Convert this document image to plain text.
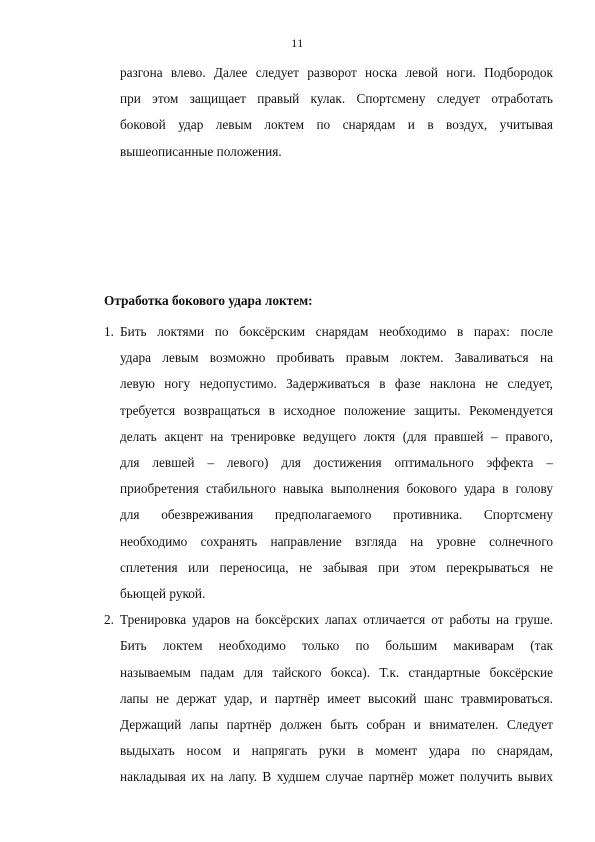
11
разгона влево. Далее следует разворот носка левой ноги. Подбородок
при этом защищает правый кулак. Спортсмену следует отработать
боковой удар левым локтем по снарядам и в воздух, учитывая
вышеописанные положения.
Отработка бокового удара локтем:
1. Бить локтями по боксёрским снарядам необходимо в парах: после
удара левым возможно пробивать правым локтем. Заваливаться на
левую ногу недопустимо. Задерживаться в фазе наклона не следует,
требуется возвращаться в исходное положение защиты. Рекомендуется
делать акцент на тренировке ведущего локтя (для правшей – правого,
для левшей – левого) для достижения оптимального эффекта –
приобретения стабильного навыка выполнения бокового удара в голову
для обезвреживания предполагаемого противника. Спортсмену
необходимо сохранять направление взгляда на уровне солнечного
сплетения или переносица, не забывая при этом перекрываться не
бьющей рукой.
2. Тренировка ударов на боксёрских лапах отличается от работы на груше.
Бить локтем необходимо только по большим макиварам (так
называемым падам для тайского бокса). Т.к. стандартные боксёрские
лапы не держат удар, и партнёр имеет высокий шанс травмироваться.
Держащий лапы партнёр должен быть собран и внимателен. Следует
выдыхать носом и напрягать руки в момент удара по снарядам,
накладывая их на лапу. В худшем случае партнёр может получить вывих
